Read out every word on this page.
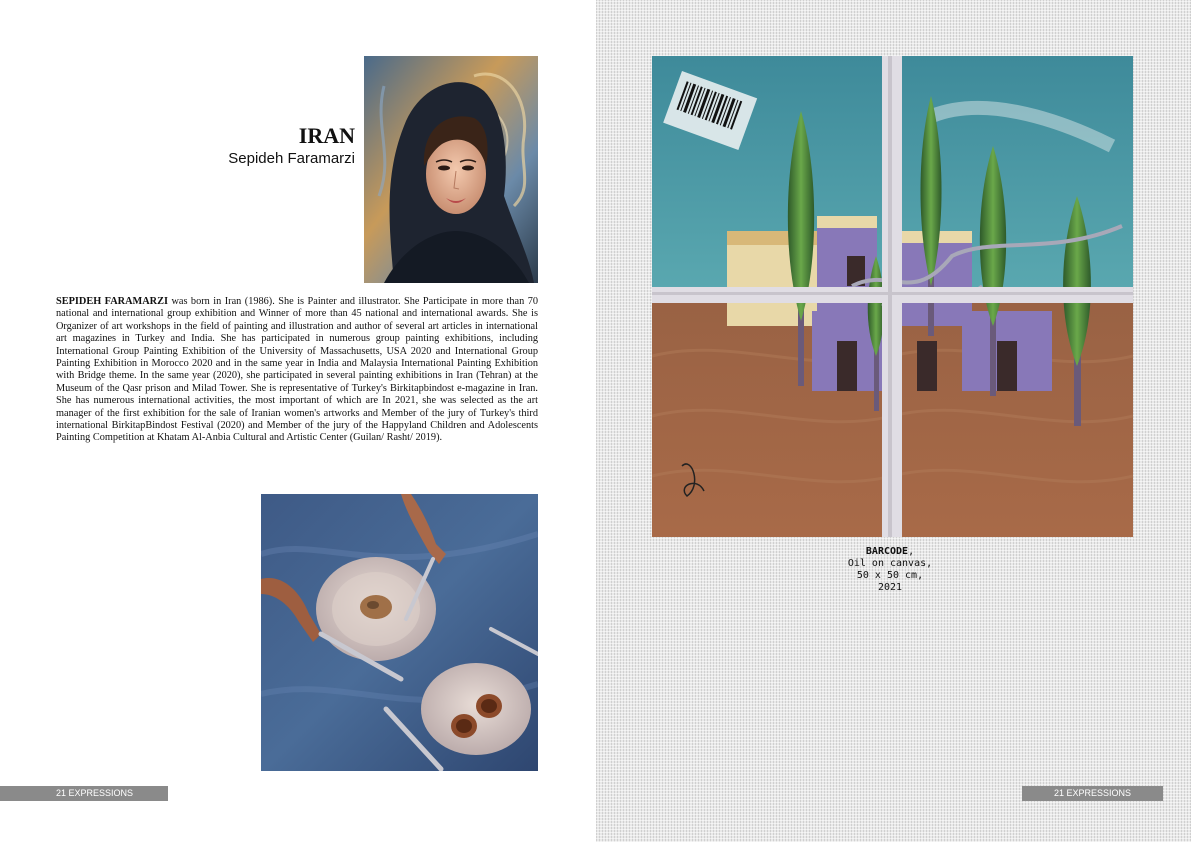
IRAN
Sepideh Faramarzi

SEPIDEH FARAMARZI was born in Iran (1986). She is Painter and illustrator. She Participate in more than 70 national and international group exhibition and Winner of more than 45 national and international awards. She is Organizer of art workshops in the field of painting and illustration and author of several art articles in international art magazines in Turkey and India. She has participated in numerous group painting exhibitions, including International Group Painting Exhibition of the University of Massachusetts, USA 2020 and International Group Painting Exhibition in Morocco 2020 and in the same year in India and Malaysia International Painting Exhibition with Bridge theme. In the same year (2020), she participated in several painting exhibitions in Iran (Tehran) at the Museum of the Qasr prison and Milad Tower. She is representative of Turkey's Birkitapbindost e-magazine in Iran. She has numerous international activities, the most important of which are In 2021, she was selected as the art manager of the first exhibition for the sale of Iranian women's artworks and Member of the jury of Turkey's third international BirkitapBindost Festival (2020) and Member of the jury of the Happyland Children and Adolescents Painting Competition at Khatam Al-Anbia Cultural and Artistic Center (Guilan/ Rasht/ 2019).

21 EXPRESSIONS
BARCODE,
Oil on canvas,
50 x 50 cm,
2021
21 EXPRESSIONS
